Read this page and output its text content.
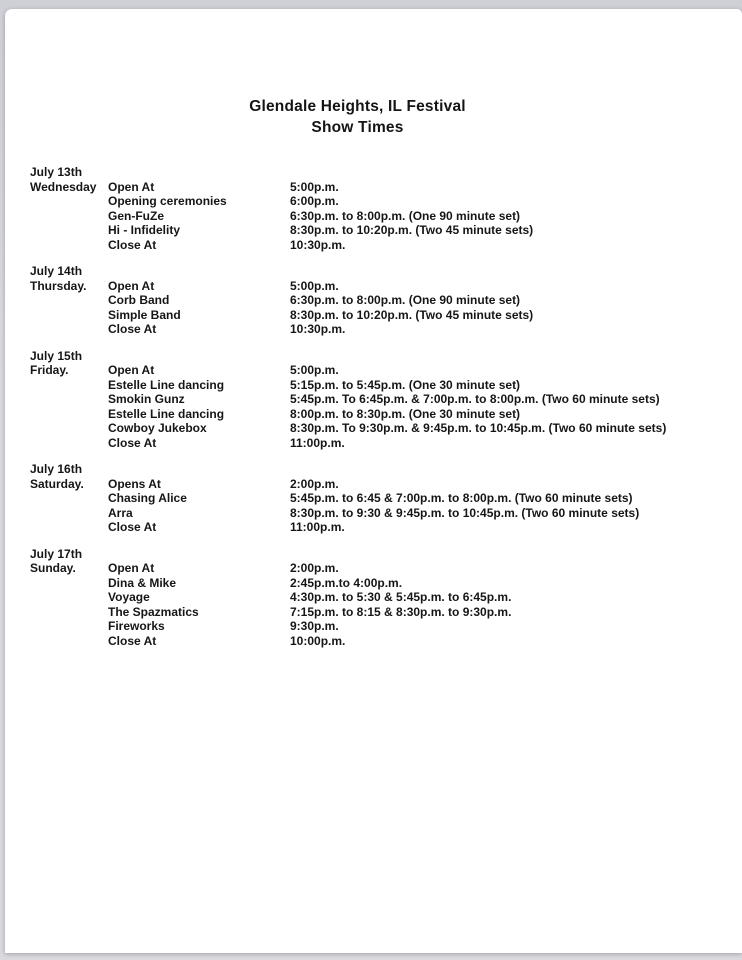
Glendale Heights, IL Festival
Show Times
July 13th
Wednesday Open At	5:00p.m.
Opening ceremonies	6:00p.m.
Gen-FuZe	6:30p.m. to 8:00p.m. (One 90 minute set)
Hi - Infidelity	8:30p.m. to 10:20p.m. (Two 45 minute sets)
Close At	10:30p.m.
July 14th
Thursday.	Open At	5:00p.m.
Corb Band	6:30p.m. to 8:00p.m. (One 90 minute set)
Simple Band	8:30p.m. to 10:20p.m. (Two 45 minute sets)
Close At	10:30p.m.
July 15th
Friday.	Open At	5:00p.m.
Estelle Line dancing	5:15p.m. to 5:45p.m. (One 30 minute set)
Smokin Gunz	5:45p.m. To 6:45p.m. & 7:00p.m. to 8:00p.m. (Two 60 minute sets)
Estelle Line dancing	8:00p.m. to 8:30p.m. (One 30 minute set)
Cowboy Jukebox	8:30p.m. To 9:30p.m. & 9:45p.m. to 10:45p.m. (Two 60 minute sets)
Close At	11:00p.m.
July 16th
Saturday.	Opens At	2:00p.m.
Chasing Alice	5:45p.m. to 6:45 & 7:00p.m. to 8:00p.m. (Two 60 minute sets)
Arra	8:30p.m. to 9:30 & 9:45p.m. to 10:45p.m. (Two 60 minute sets)
Close At	11:00p.m.
July 17th
Sunday.	Open At	2:00p.m.
Dina & Mike	2:45p.m.to 4:00p.m.
Voyage	4:30p.m. to 5:30 & 5:45p.m. to 6:45p.m.
The Spazmatics	7:15p.m. to 8:15 & 8:30p.m. to 9:30p.m.
Fireworks	9:30p.m.
Close At	10:00p.m.
